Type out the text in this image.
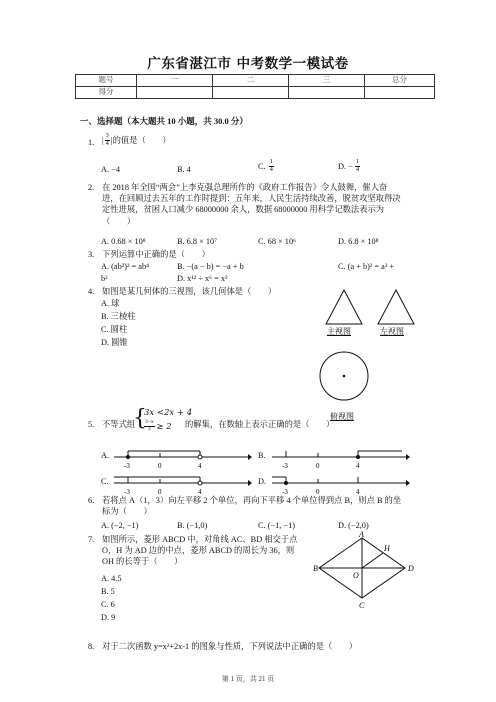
广东省湛江市 中考数学一模试卷
题号	一	二	三	总分
得分				
一、选择题（本大题共 10 小题，共 30.0 分）
1. | $\frac{3}{4}$ |的值是（　　）
A. −4	B. 4	C. $\frac{1}{4}$	D. − $\frac{1}{4}$
2. 在 2018 年全国“两会”上李克强总理所作的《政府工作报告》令人鼓舞，催人奋
进，在回顾过去五年的工作时提到：五年来，人民生活持续改善，脱贫攻坚取得决
定性进展，贫困人口减少 68000000 余人，数据 68000000 用科学记数法表示为
（　　）
A. 0.68 × 10⁸	B. 6.8 × 10⁷	C. 68 × 10⁶	D. 6.8 × 10⁸
3. 下列运算中正确的是（　　）
A. (ab²)² = ab⁴	B. −(a − b) = −a + b	C. (a + b)² = a² +
b²	D. x¹² ÷ x⁶ = x²
4. 如图是某几何体的三视图，该几何体是（　　）
A. 球
B. 三棱柱
C. 圆柱
D. 圆锥
主视图	左视图
俯视图
5. 不等式组
{
3x <2x + 4
$\frac{3-x}{3} \ge 2$ 的解集，在数轴上表示正确的是（　　）
A.	B.
C.	D.
-3	0	4	-3	0	4
-3	0	4	-3	0	4
6. 若将点 A（1，3）向左平移 2 个单位，再向下平移 4 个单位得到点 B，则点 B 的坐
标为（　　）
A. (−2, −1)	B. (−1,0)	C. (−1, −1)	D. (−2,0)
7. 如图所示，菱形 ABCD 中，对角线 AC、BD 相交于点
O，H 为 AD 边的中点，菱形 ABCD 的周长为 36，则
OH 的长等于（　　）
A. 4.5
B. 5
C. 6
D. 9
A
B
C
D
O
H
8. 对于二次函数 y=x²+2x-1 的图象与性质，下列说法中正确的是（　　）
第 1 页，共 21 页
